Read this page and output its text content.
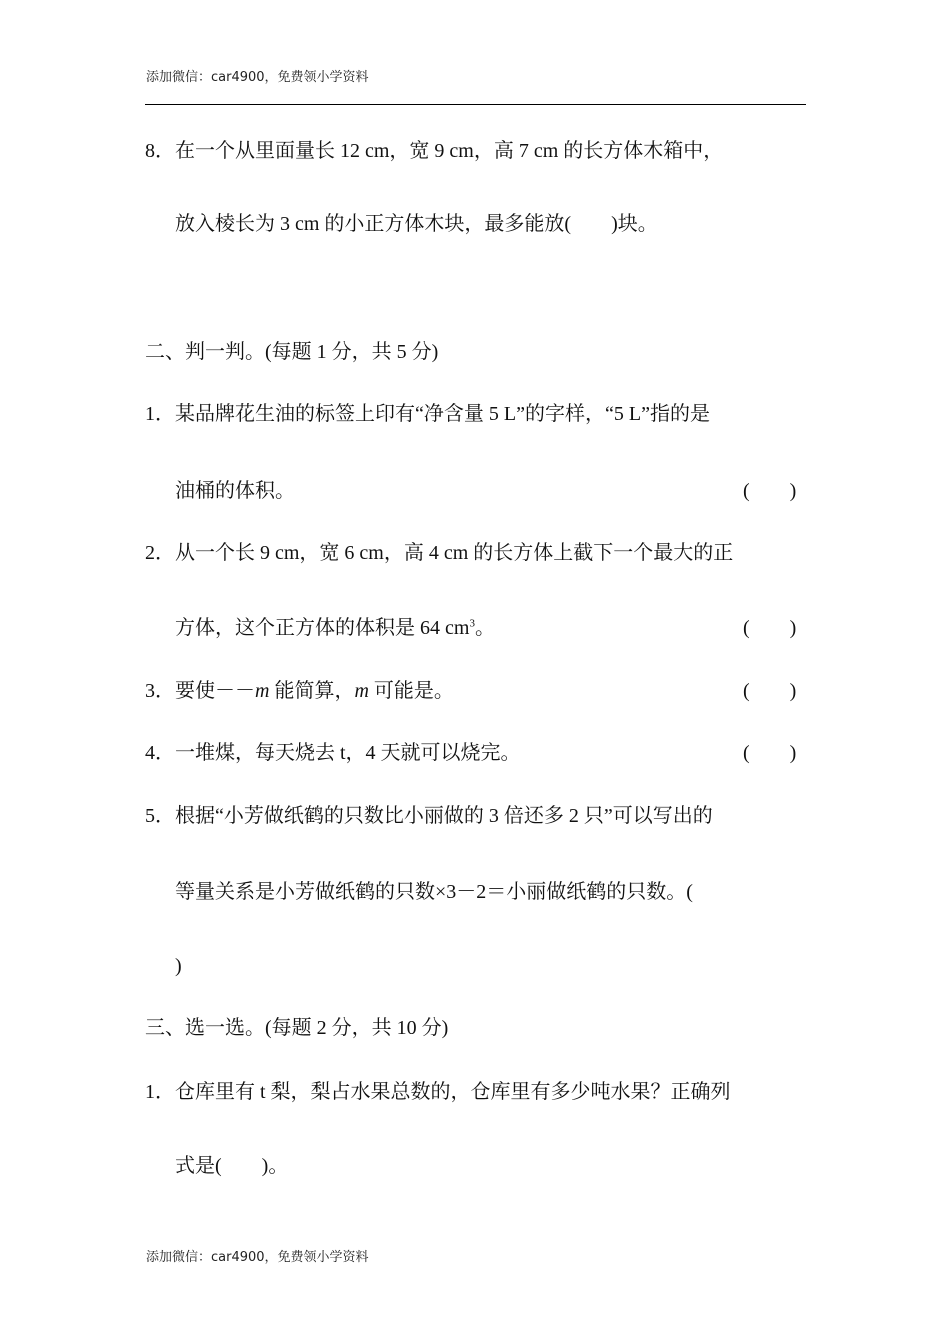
添加微信：car4900，免费领小学资料
8．在一个从里面量长 12 cm，宽 9 cm，高 7 cm 的长方体木箱中，
放入棱长为 3 cm 的小正方体木块，最多能放(　　)块。
二、判一判。(每题 1 分，共 5 分)
1．某品牌花生油的标签上印有“净含量 5 L”的字样，“5 L”指的是
油桶的体积。	(　　)
2．从一个长 9 cm，宽 6 cm，高 4 cm 的长方体上截下一个最大的正
方体，这个正方体的体积是 64 $cm^3$。	(　　)
3．要使－－m 能简算，m 可能是。	(　　)
4．一堆煤，每天烧去 t，4 天就可以烧完。	(　　)
5．根据“小芳做纸鹤的只数比小丽做的 3 倍还多 2 只”可以写出的
等量关系是小芳做纸鹤的只数×3－2＝小丽做纸鹤的只数。(
)
三、选一选。(每题 2 分，共 10 分)
1．仓库里有 t 梨，梨占水果总数的，仓库里有多少吨水果？正确列
式是(　　)。
添加微信：car4900，免费领小学资料
